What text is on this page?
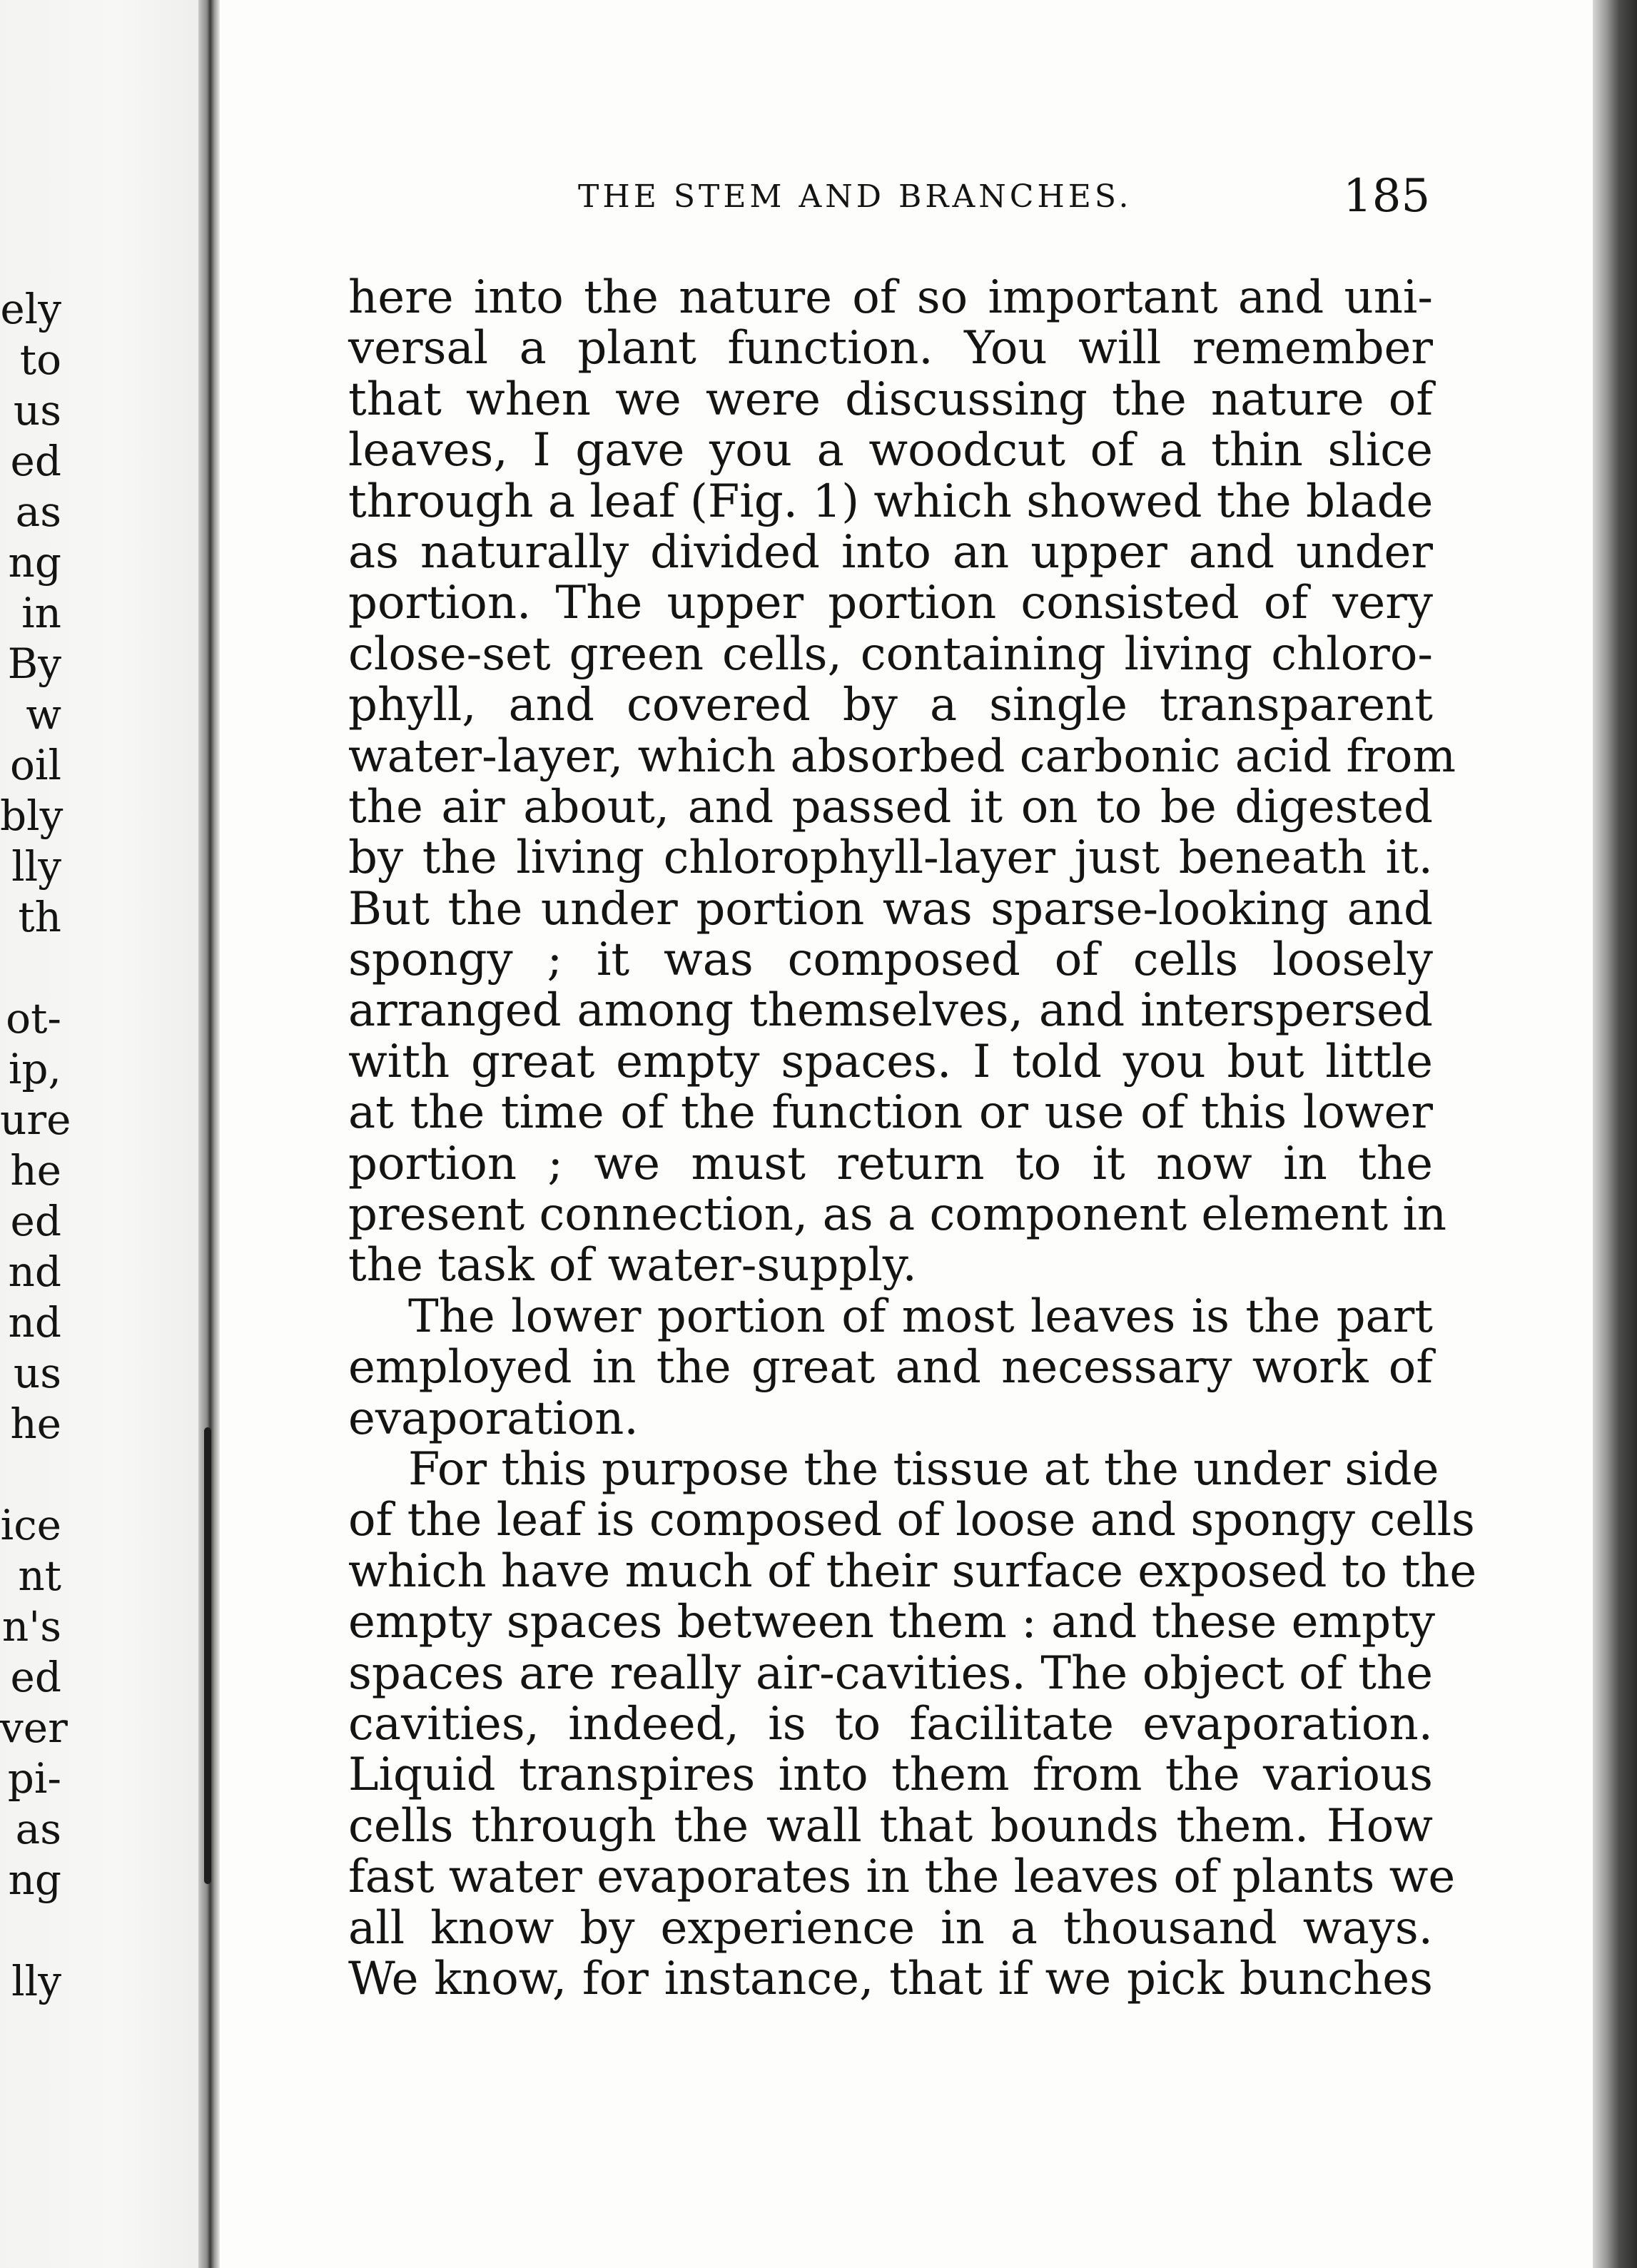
ely
to
us
ed
as
ng
in
By
w
oil
bly
lly
th
ot-
ip,
ure
he
ed
nd
nd
us
he
ice
nt
n's
ed
ver
pi-
as
ng
lly
THE STEM AND BRANCHES.	185
here into the nature of so important and uni-
versal a plant function. You will remember
that when we were discussing the nature of
leaves, I gave you a woodcut of a thin slice
through a leaf (Fig. 1) which showed the blade
as naturally divided into an upper and under
portion. The upper portion consisted of very
close-set green cells, containing living chloro-
phyll, and covered by a single transparent
water-layer, which absorbed carbonic acid from
the air about, and passed it on to be digested
by the living chlorophyll-layer just beneath it.
But the under portion was sparse-looking and
spongy ; it was composed of cells loosely
arranged among themselves, and interspersed
with great empty spaces. I told you but little
at the time of the function or use of this lower
portion ; we must return to it now in the
present connection, as a component element in
the task of water-supply.
The lower portion of most leaves is the part
employed in the great and necessary work of
evaporation.
For this purpose the tissue at the under side
of the leaf is composed of loose and spongy cells
which have much of their surface exposed to the
empty spaces between them : and these empty
spaces are really air-cavities. The object of the
cavities, indeed, is to facilitate evaporation.
Liquid transpires into them from the various
cells through the wall that bounds them. How
fast water evaporates in the leaves of plants we
all know by experience in a thousand ways.
We know, for instance, that if we pick bunches
